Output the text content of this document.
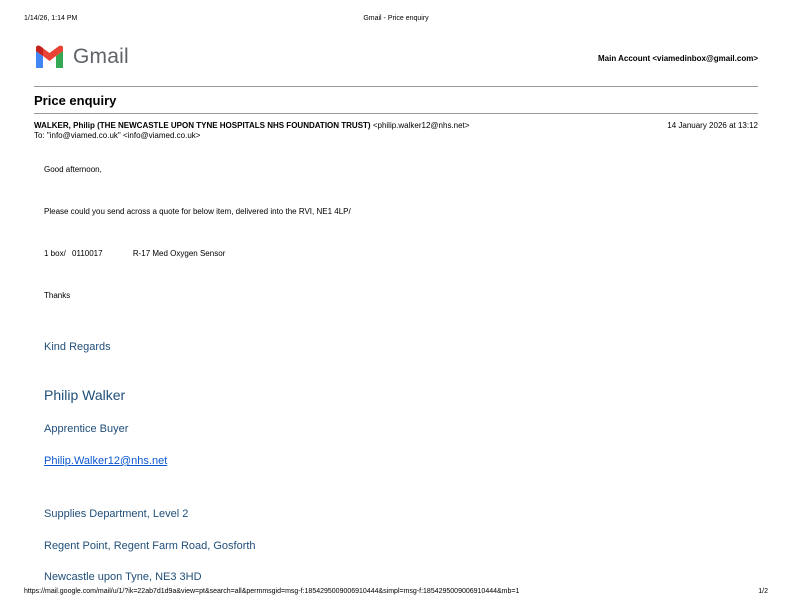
1/14/26, 1:14 PM	Gmail - Price enquiry
Gmail	Main Account <viamedinbox@gmail.com>
Price enquiry
WALKER, Philip (THE NEWCASTLE UPON TYNE HOSPITALS NHS FOUNDATION TRUST) <philip.walker12@nhs.net>	14 January 2026 at 13:12
To: "info@viamed.co.uk" <info@viamed.co.uk>
Good afternoon,
Please could you send across a quote for below item, delivered into the RVI, NE1 4LP/
1 box/ 0110017	R-17 Med Oxygen Sensor
Thanks
Kind Regards
Philip Walker
Apprentice Buyer
Philip.Walker12@nhs.net
Supplies Department, Level 2
Regent Point, Regent Farm Road, Gosforth
Newcastle upon Tyne, NE3 3HD
https://mail.google.com/mail/u/1/?ik=22ab7d1d9a&view=pt&search=all&permmsgid=msg-f:1854295009006910444&simpl=msg-f:1854295009006910444&mb=1	1/2
